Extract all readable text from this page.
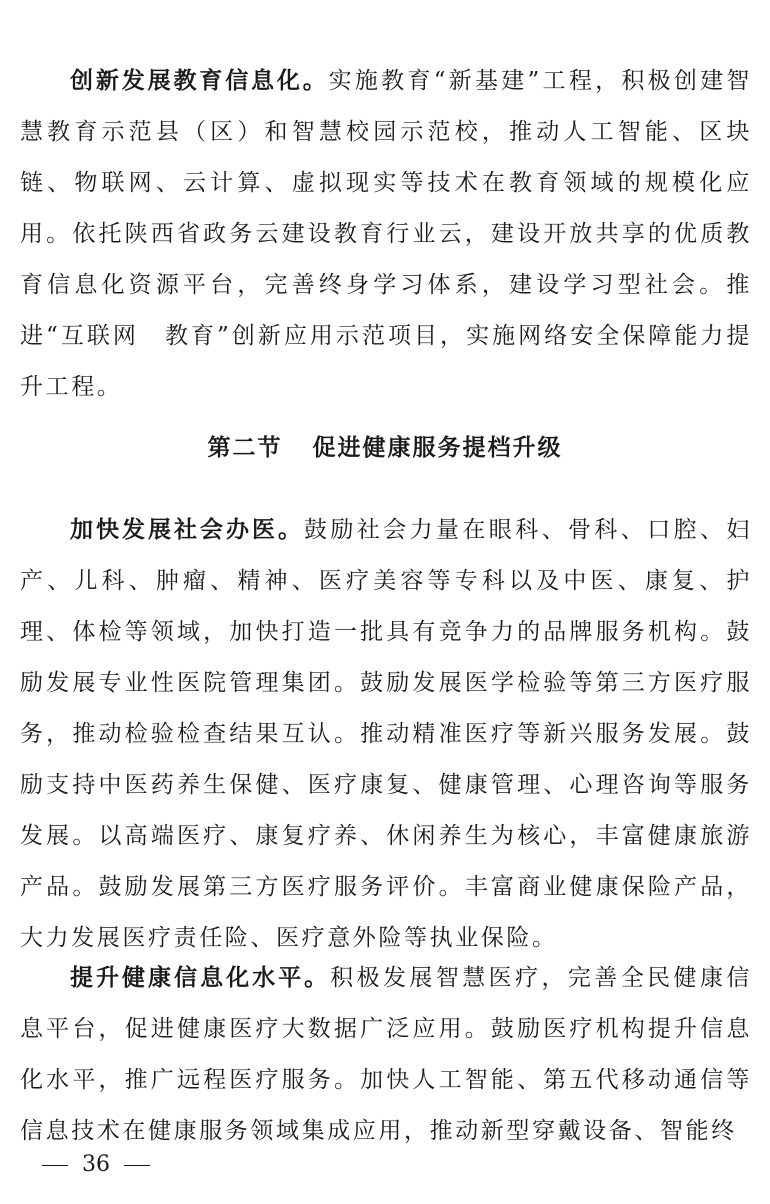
创新发展教育信息化。实施教育“新基建”工程，积极创建智慧教育示范县（区）和智慧校园示范校，推动人工智能、区块链、物联网、云计算、虚拟现实等技术在教育领域的规模化应用。依托陕西省政务云建设教育行业云，建设开放共享的优质教育信息化资源平台，完善终身学习体系，建设学习型社会。推进“互联网　教育”创新应用示范项目，实施网络安全保障能力提升工程。

第二节 促进健康服务提档升级

加快发展社会办医。鼓励社会力量在眼科、骨科、口腔、妇产、儿科、肿瘤、精神、医疗美容等专科以及中医、康复、护理、体检等领域，加快打造一批具有竞争力的品牌服务机构。鼓励发展专业性医院管理集团。鼓励发展医学检验等第三方医疗服务，推动检验检查结果互认。推动精准医疗等新兴服务发展。鼓励支持中医药养生保健、医疗康复、健康管理、心理咨询等服务发展。以高端医疗、康复疗养、休闲养生为核心，丰富健康旅游产品。鼓励发展第三方医疗服务评价。丰富商业健康保险产品，大力发展医疗责任险、医疗意外险等执业保险。

提升健康信息化水平。积极发展智慧医疗，完善全民健康信息平台，促进健康医疗大数据广泛应用。鼓励医疗机构提升信息化水平，推广远程医疗服务。加快人工智能、第五代移动通信等信息技术在健康服务领域集成应用，推动新型穿戴设备、智能终

36
